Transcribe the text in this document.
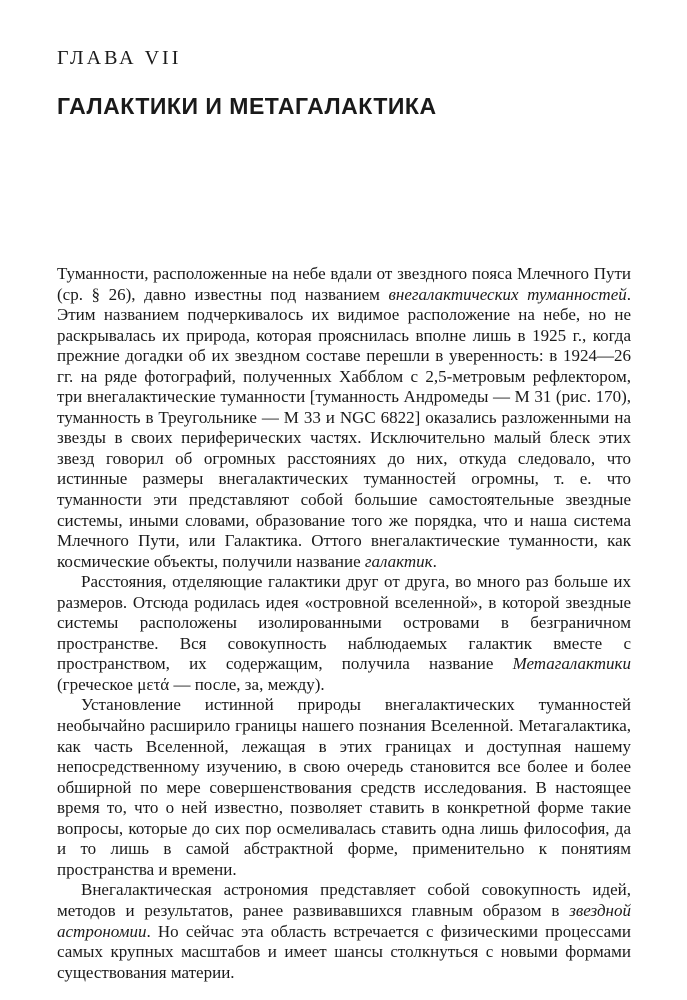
ГЛАВА VII
ГАЛАКТИКИ И МЕТАГАЛАКТИКА

Туманности, расположенные на небе вдали от звездного пояса Млечного Пути (ср. § 26), давно известны под названием внегалактических туманностей. Этим названием подчеркивалось их видимое расположение на небе, но не раскрывалась их природа, которая прояснилась вполне лишь в 1925 г., когда прежние догадки об их звездном составе перешли в уверенность: в 1924—26 гг. на ряде фотографий, полученных Хабблом с 2,5-метровым рефлектором, три внегалактические туманности [туманность Андромеды — М 31 (рис. 170), туманность в Треугольнике — М 33 и NGC 6822] оказались разложенными на звезды в своих периферических частях. Исключительно малый блеск этих звезд говорил об огромных расстояниях до них, откуда следовало, что истинные размеры внегалактических туманностей огромны, т. е. что туманности эти представляют собой большие самостоятельные звездные системы, иными словами, образование того же порядка, что и наша система Млечного Пути, или Галактика. Оттого внегалактические туманности, как космические объекты, получили название галактик.

Расстояния, отделяющие галактики друг от друга, во много раз больше их размеров. Отсюда родилась идея «островной вселенной», в которой звездные системы расположены изолированными островами в безграничном пространстве. Вся совокупность наблюдаемых галактик вместе с пространством, их содержащим, получила название Метагалактики (греческое μετά — после, за, между).

Установление истинной природы внегалактических туманностей необычайно расширило границы нашего познания Вселенной. Метагалактика, как часть Вселенной, лежащая в этих границах и доступная нашему непосредственному изучению, в свою очередь становится все более и более обширной по мере совершенствования средств исследования. В настоящее время то, что о ней известно, позволяет ставить в конкретной форме такие вопросы, которые до сих пор осмеливалась ставить одна лишь философия, да и то лишь в самой абстрактной форме, применительно к понятиям пространства и времени.

Внегалактическая астрономия представляет собой совокупность идей, методов и результатов, ранее развивавшихся главным образом в звездной астрономии. Но сейчас эта область встречается с физическими процессами самых крупных масштабов и имеет шансы столкнуться с новыми формами существования материи.
